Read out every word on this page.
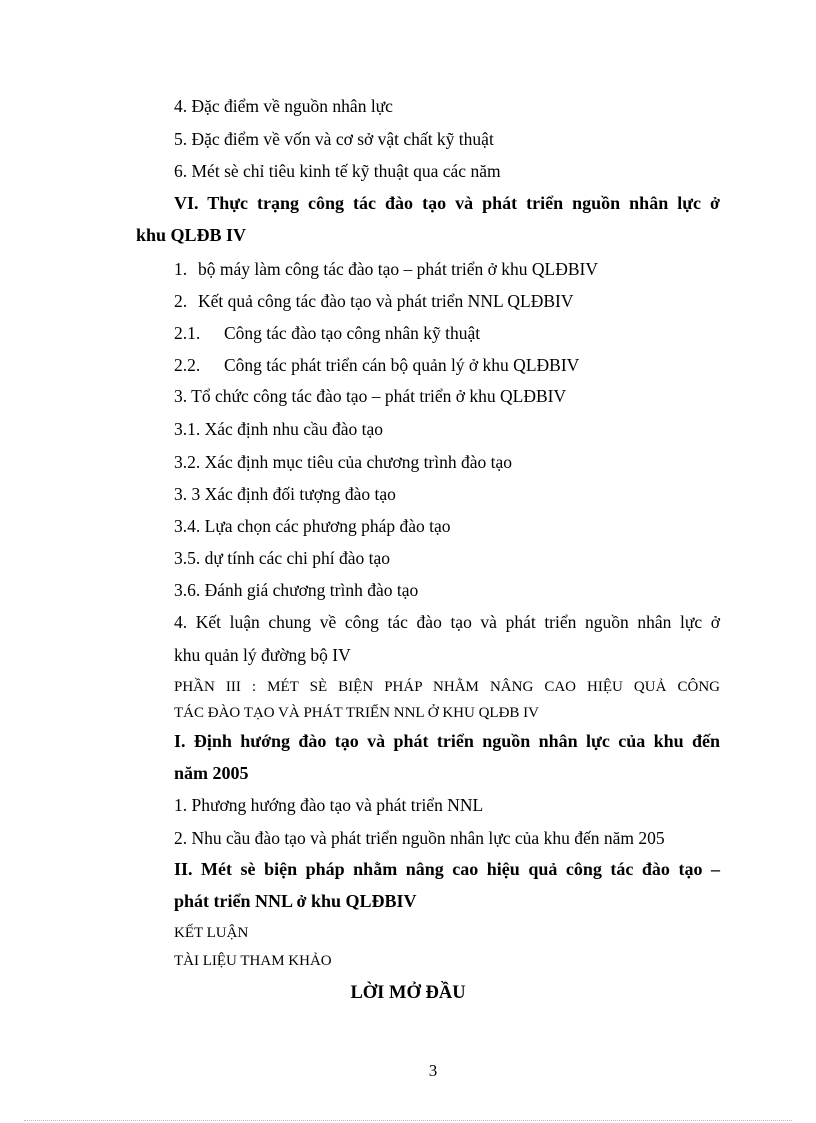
4. Đặc điểm về nguồn nhân lực
5. Đặc điểm về vốn và cơ sở vật chất kỹ thuật
6. Mét sè chỉ tiêu kinh tế kỹ thuật qua các năm
VI. Thực trạng công tác đào tạo và phát triển nguồn nhân lực ở
khu QLĐB IV
1. bộ máy làm công tác đào tạo – phát triển ở khu QLĐBIV
2. Kết quả công tác đào tạo và phát triển NNL QLĐBIV
2.1. Công tác đào tạo công nhân kỹ thuật
2.2. Công tác phát triển cán bộ quản lý ở khu QLĐBIV
3. Tổ chức công tác đào tạo – phát triển ở khu QLĐBIV
3.1. Xác định nhu cầu đào tạo
3.2. Xác định mục tiêu của chương trình đào tạo
3. 3 Xác định đối tượng đào tạo
3.4. Lựa chọn các phương pháp đào tạo
3.5. dự tính các chi phí đào tạo
3.6. Đánh giá chương trình đào tạo
4. Kết luận chung về công tác đào tạo và phát triển nguồn nhân lực ở
khu quản lý đường bộ IV
PHẦN III : MÉT SÈ BIỆN PHÁP NHẰM NÂNG CAO HIỆU QUẢ CÔNG
TÁC ĐÀO TẠO VÀ PHÁT TRIỂN NNL Ở KHU QLĐB IV
I. Định hướng đào tạo và phát triển nguồn nhân lực của khu đến
năm 2005
1. Phương hướng đào tạo và phát triển NNL
2. Nhu cầu đào tạo và phát triển nguồn nhân lực của khu đến năm 205
II. Mét sè biện pháp nhằm nâng cao hiệu quả công tác đào tạo –
phát triển NNL ở khu QLĐBIV
KẾT LUẬN
TÀI LIỆU THAM KHẢO
LỜI MỞ ĐẦU
3
